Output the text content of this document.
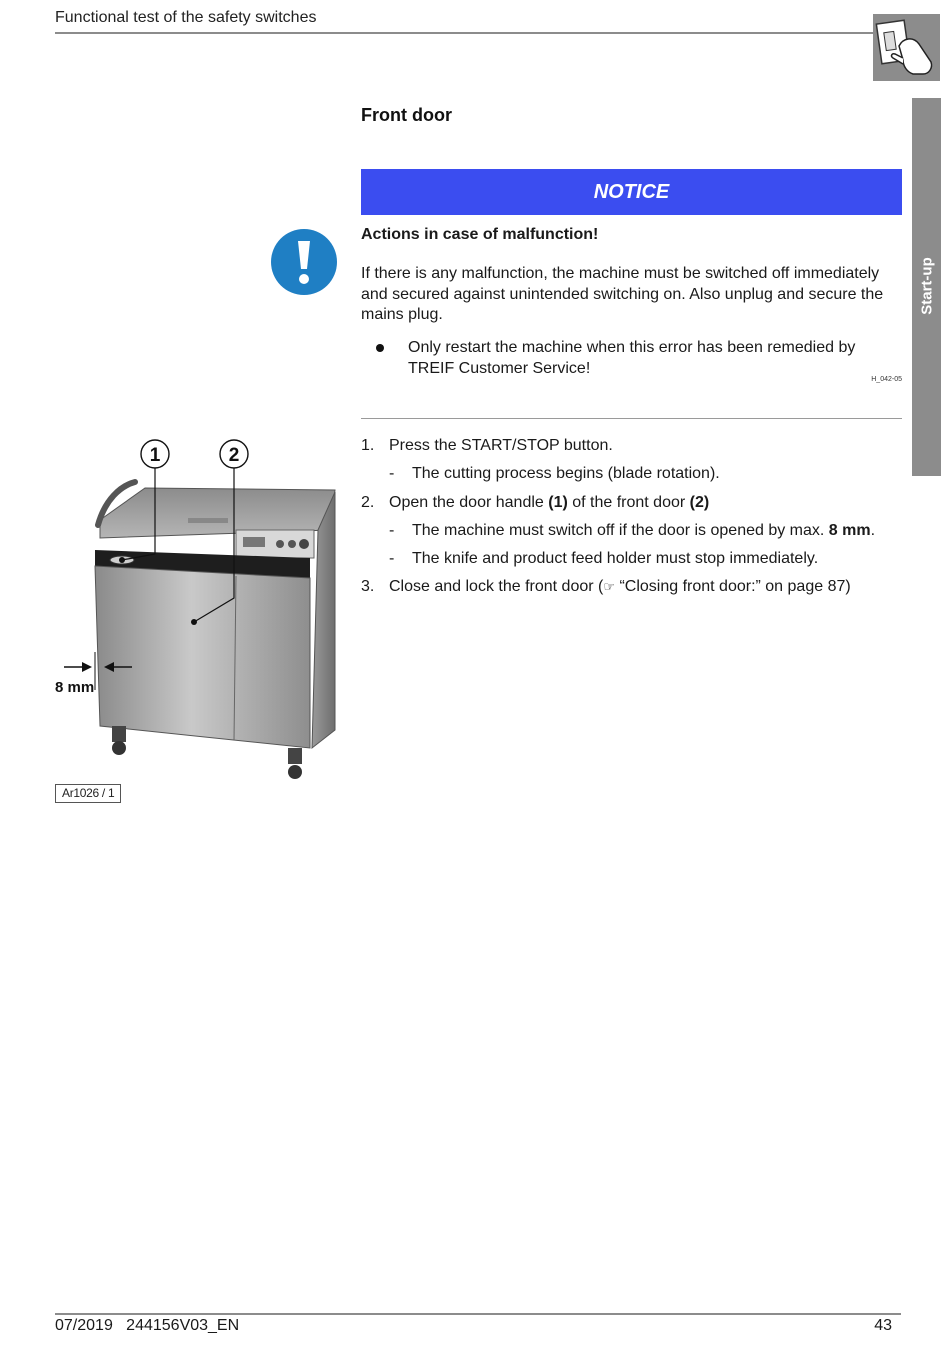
Functional test of the safety switches
Start-up
Front door
NOTICE
Actions in case of malfunction!
If there is any malfunction, the machine must be switched off immediately and secured against unintended switching on. Also unplug and secure the mains plug.
Only restart the machine when this error has been remedied by TREIF Customer Service!
H_042-05
1. Press the START/STOP button.
- The cutting process begins (blade rotation).
2. Open the door handle (1) of the front door (2)
- The machine must switch off if the door is opened by max. 8 mm.
- The knife and product feed holder must stop immediately.
3. Close and lock the front door (☞ “Closing front door:” on page 87)
1	2
8 mm
Ar1026 / 1
07/2019   244156V03_EN	43
